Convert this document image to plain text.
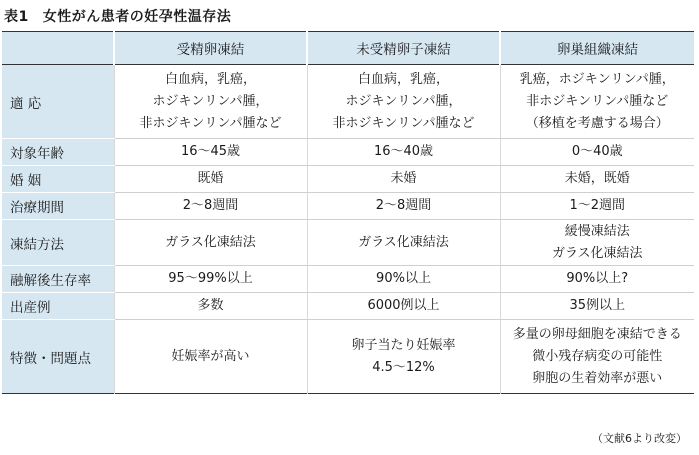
表1 女性がん患者の妊孕性温存法
	受精卵凍結	未受精卵子凍結	卵巣組織凍結
適 応	白血病，乳癌，
ホジキンリンパ腫，
非ホジキンリンパ腫など	白血病，乳癌，
ホジキンリンパ腫，
非ホジキンリンパ腫など	乳癌，ホジキンリンパ腫，
非ホジキンリンパ腫など
（移植を考慮する場合）

対象年齢	16〜45歳	16〜40歳	0〜40歳

婚 姻	既婚	未婚	未婚，既婚

治療期間	2〜8週間	2〜8週間	1〜2週間

凍結方法	ガラス化凍結法	ガラス化凍結法	緩慢凍結法
ガラス化凍結法

融解後生存率	95〜99%以上	90%以上	90%以上?

出産例	多数	6000例以上	35例以上

特徴・問題点	妊娠率が高い	卵子当たり妊娠率
4.5〜12%	多量の卵母細胞を凍結できる
微小残存病変の可能性
卵胞の生着効率が悪い
（文献6より改変）
